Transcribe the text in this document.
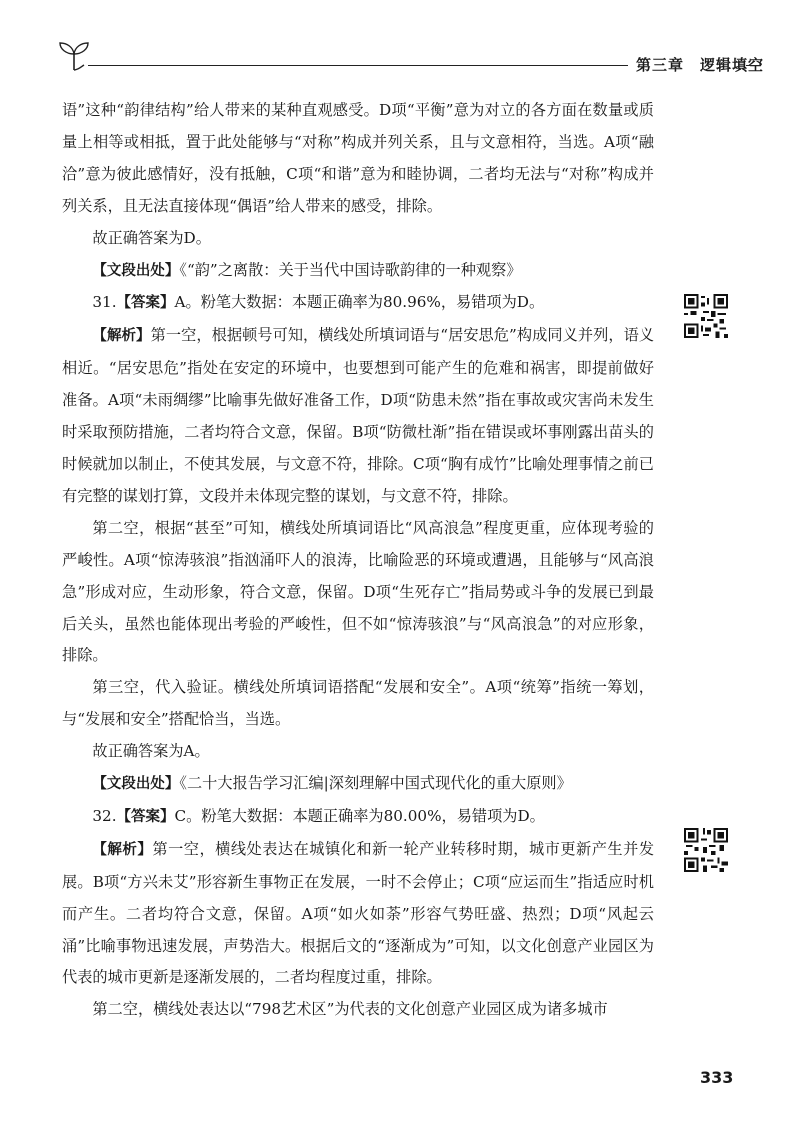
第三章 逻辑填空

语”这种“韵律结构”给人带来的某种直观感受。D项“平衡”意为对立的各方面在数量或质量上相等或相抵，置于此处能够与“对称”构成并列关系，且与文意相符，当选。A项“融洽”意为彼此感情好，没有抵触，C项“和谐”意为和睦协调，二者均无法与“对称”构成并列关系，且无法直接体现“偶语”给人带来的感受，排除。

故正确答案为D。

【文段出处】《“韵”之离散：关于当代中国诗歌韵律的一种观察》

31.【答案】A。粉笔大数据：本题正确率为80.96%，易错项为D。

【解析】第一空，根据顿号可知，横线处所填词语与“居安思危”构成同义并列，语义相近。“居安思危”指处在安定的环境中，也要想到可能产生的危难和祸害，即提前做好准备。A项“未雨绸缪”比喻事先做好准备工作，D项“防患未然”指在事故或灾害尚未发生时采取预防措施，二者均符合文意，保留。B项“防微杜渐”指在错误或坏事刚露出苗头的时候就加以制止，不使其发展，与文意不符，排除。C项“胸有成竹”比喻处理事情之前已有完整的谋划打算，文段并未体现完整的谋划，与文意不符，排除。

第二空，根据“甚至”可知，横线处所填词语比“风高浪急”程度更重，应体现考验的严峻性。A项“惊涛骇浪”指汹涌吓人的浪涛，比喻险恶的环境或遭遇，且能够与“风高浪急”形成对应，生动形象，符合文意，保留。D项“生死存亡”指局势或斗争的发展已到最后关头，虽然也能体现出考验的严峻性，但不如“惊涛骇浪”与“风高浪急”的对应形象，排除。

第三空，代入验证。横线处所填词语搭配“发展和安全”。A项“统筹”指统一筹划，与“发展和安全”搭配恰当，当选。

故正确答案为A。

【文段出处】《二十大报告学习汇编|深刻理解中国式现代化的重大原则》

32.【答案】C。粉笔大数据：本题正确率为80.00%，易错项为D。

【解析】第一空，横线处表达在城镇化和新一轮产业转移时期，城市更新产生并发展。B项“方兴未艾”形容新生事物正在发展，一时不会停止；C项“应运而生”指适应时机而产生。二者均符合文意，保留。A项“如火如荼”形容气势旺盛、热烈；D项“风起云涌”比喻事物迅速发展，声势浩大。根据后文的“逐渐成为”可知，以文化创意产业园区为代表的城市更新是逐渐发展的，二者均程度过重，排除。

第二空，横线处表达以“798艺术区”为代表的文化创意产业园区成为诸多城市

333
